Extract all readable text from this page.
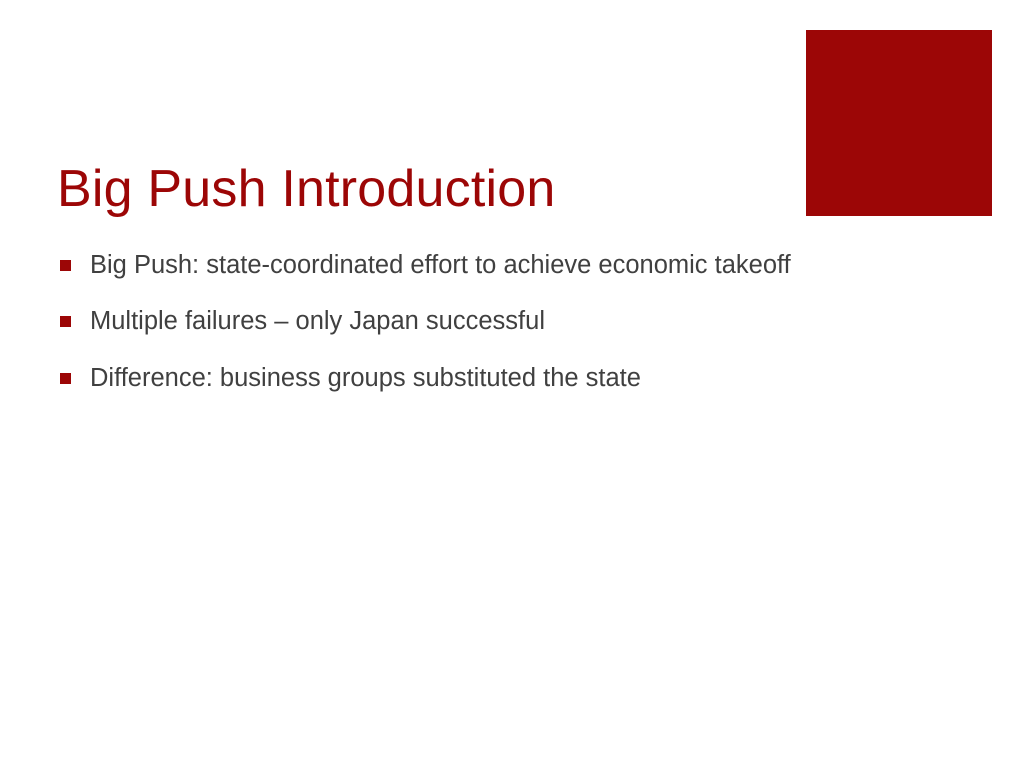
Big Push Introduction
Big Push: state-coordinated effort to achieve economic takeoff
Multiple failures – only Japan successful
Difference: business groups substituted the state
